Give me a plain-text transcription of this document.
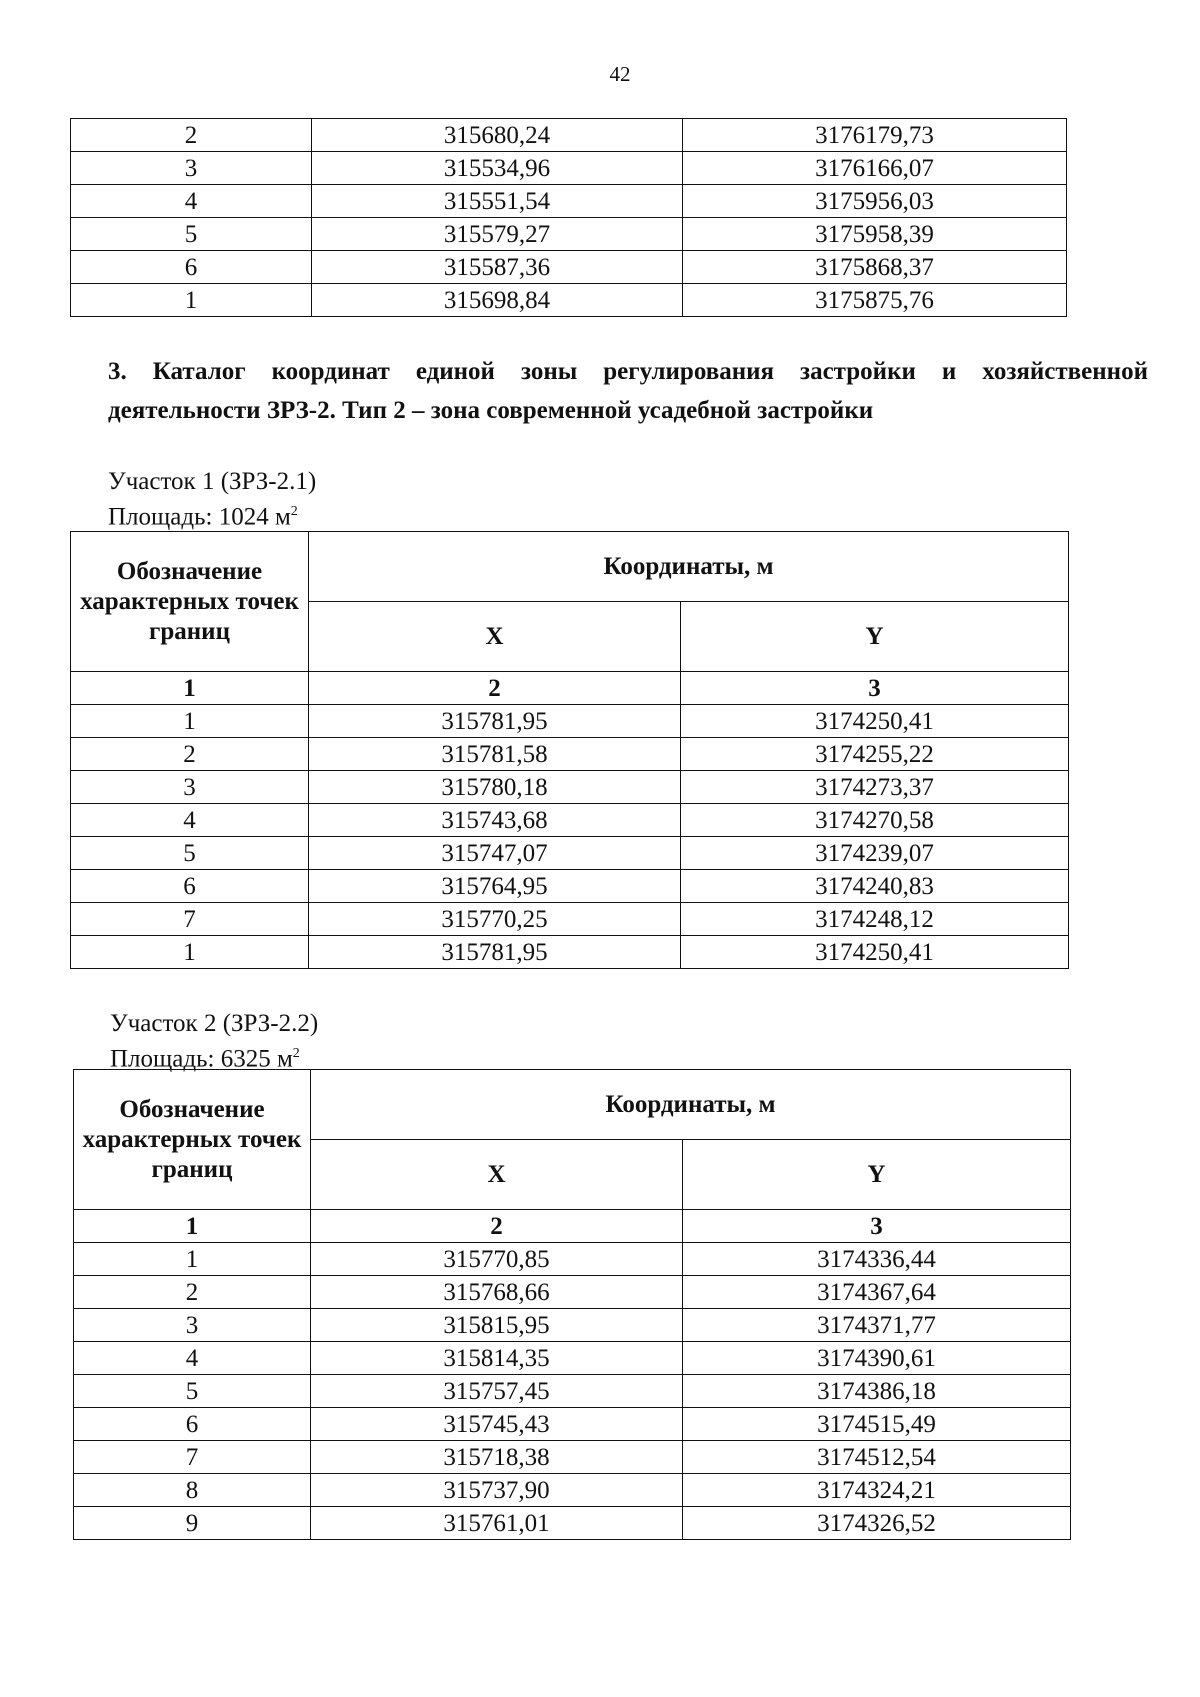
42
2	315680,24	3176179,73
3	315534,96	3176166,07
4	315551,54	3175956,03
5	315579,27	3175958,39
6	315587,36	3175868,37
1	315698,84	3175875,76
3. Каталог координат единой зоны регулирования застройки и хозяйственной
деятельности ЗРЗ-2. Тип 2 – зона современной усадебной застройки
Участок 1 (ЗРЗ-2.1)
Площадь: 1024 $м^2$
Обозначение характерных точек границ	Координаты, м	
	X	Y
1	2	3
1	315781,95	3174250,41
2	315781,58	3174255,22
3	315780,18	3174273,37
4	315743,68	3174270,58
5	315747,07	3174239,07
6	315764,95	3174240,83
7	315770,25	3174248,12
1	315781,95	3174250,41
Участок 2 (ЗРЗ-2.2)
Площадь: 6325 $м^2$
Обозначение характерных точек границ	Координаты, м	
	X	Y
1	2	3
1	315770,85	3174336,44
2	315768,66	3174367,64
3	315815,95	3174371,77
4	315814,35	3174390,61
5	315757,45	3174386,18
6	315745,43	3174515,49
7	315718,38	3174512,54
8	315737,90	3174324,21
9	315761,01	3174326,52
